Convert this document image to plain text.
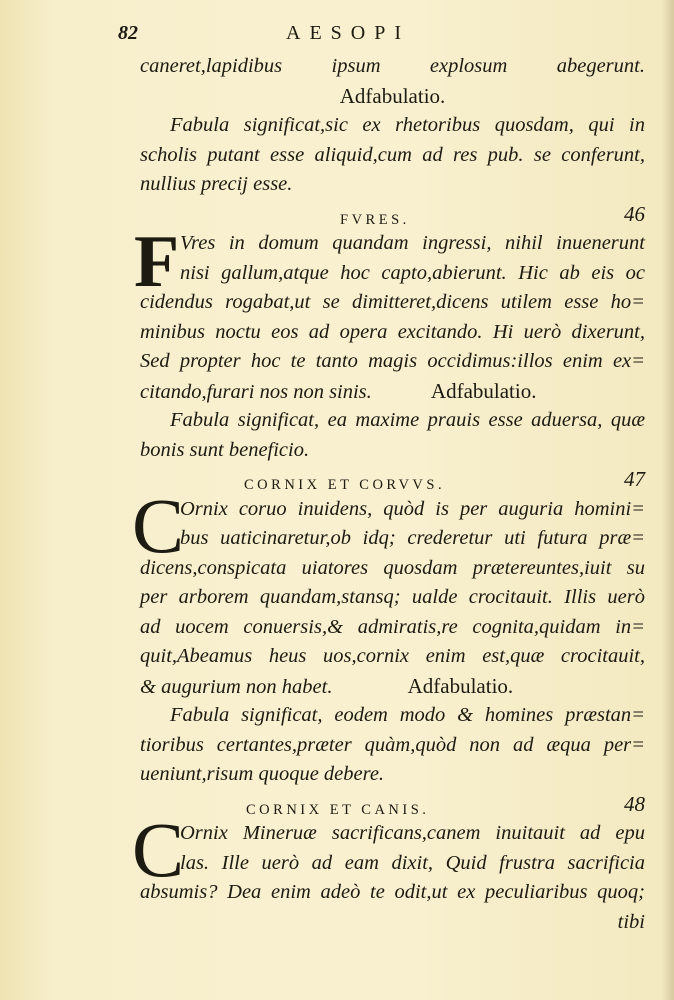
82	AESOPI
caneret,lapidibus ipsum explosum abegerunt.
Adfabulatio.
Fabula significat,sic ex rhetoribus quosdam, qui in
scholis putant esse aliquid,cum ad res pub. se conferunt,
nullius precij esse.
FVRES.	46
F Vres in domum quandam ingressi, nihil inuenerunt
nisi gallum,atque hoc capto,abierunt. Hic ab eis oc
cidendus rogabat,ut se dimitteret,dicens utilem esse ho=
minibus noctu eos ad opera excitando. Hi uerò dixerunt,
Sed propter hoc te tanto magis occidimus:illos enim ex=
citando,furari nos non sinis.	Adfabulatio.
Fabula significat, ea maxime prauis esse aduersa, quæ
bonis sunt beneficio.
CORNIX ET CORVVS.	47
C
Ornix coruo inuidens, quòd is per auguria homini=
bus uaticinaretur,ob idq; crederetur uti futura præ=
dicens,conspicata uiatores quosdam prætereuntes,iuit su
per arborem quandam,stansq; ualde crocitauit. Illis uerò
ad uocem conuersis,& admiratis,re cognita,quidam in=
quit,Abeamus heus uos,cornix enim est,quæ crocitauit,
& augurium non habet.	Adfabulatio.
Fabula significat, eodem modo & homines præstan=
tioribus certantes,præter quàm,quòd non ad æqua per=
ueniunt,risum quoque debere.
CORNIX ET CANIS.	48
C
Ornix Mineruæ sacrificans,canem inuitauit ad epu
las. Ille uerò ad eam dixit, Quid frustra sacrificia
absumis? Dea enim adeò te odit,ut ex peculiaribus quoq;
tibi
